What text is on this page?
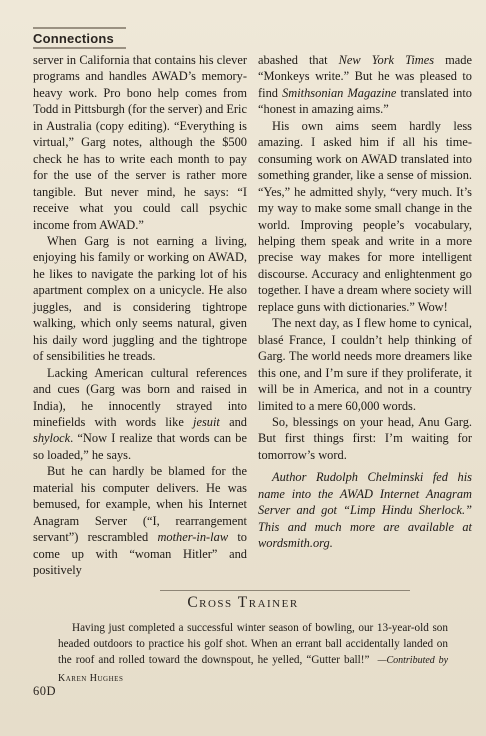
Connections

server in California that contains his clever programs and handles AWAD’s memory-heavy work. Pro bono help comes from Todd in Pittsburgh (for the server) and Eric in Australia (copy editing). “Everything is virtual,” Garg notes, although the $500 check he has to write each month to pay for the use of the server is rather more tangible. But never mind, he says: “I receive what you could call psychic income from AWAD.”

When Garg is not earning a living, enjoying his family or working on AWAD, he likes to navigate the parking lot of his apartment complex on a unicycle. He also juggles, and is considering tightrope walking, which only seems natural, given his daily word juggling and the tightrope of sensibilities he treads.

Lacking American cultural references and cues (Garg was born and raised in India), he innocently strayed into minefields with words like jesuit and shylock. “Now I realize that words can be so loaded,” he says.

But he can hardly be blamed for the material his computer delivers. He was bemused, for example, when his Internet Anagram Server (“I, rearrangement servant”) rescrambled mother-in-law to come up with “woman Hitler” and positively

abashed that New York Times made “Monkeys write.” But he was pleased to find Smithsonian Magazine translated into “honest in amazing aims.”

His own aims seem hardly less amazing. I asked him if all his time-consuming work on AWAD translated into something grander, like a sense of mission. “Yes,” he admitted shyly, “very much. It’s my way to make some small change in the world. Improving people’s vocabulary, helping them speak and write in a more precise way makes for more intelligent discourse. Accuracy and enlightenment go together. I have a dream where society will replace guns with dictionaries.” Wow!

The next day, as I flew home to cynical, blasé France, I couldn’t help thinking of Garg. The world needs more dreamers like this one, and I’m sure if they proliferate, it will be in America, and not in a country limited to a mere 60,000 words.

So, blessings on your head, Anu Garg. But first things first: I’m waiting for tomorrow’s word.

Author Rudolph Chelminski fed his name into the AWAD Internet Anagram Server and got “Limp Hindu Sherlock.” This and much more are available at wordsmith.org.

Cross Trainer
Having just completed a successful winter season of bowling, our 13-year-old son headed outdoors to practice his golf shot. When an errant ball accidentally landed on the roof and rolled toward the downspout, he yelled, “Gutter ball!” —Contributed by Karen Hughes
60D
